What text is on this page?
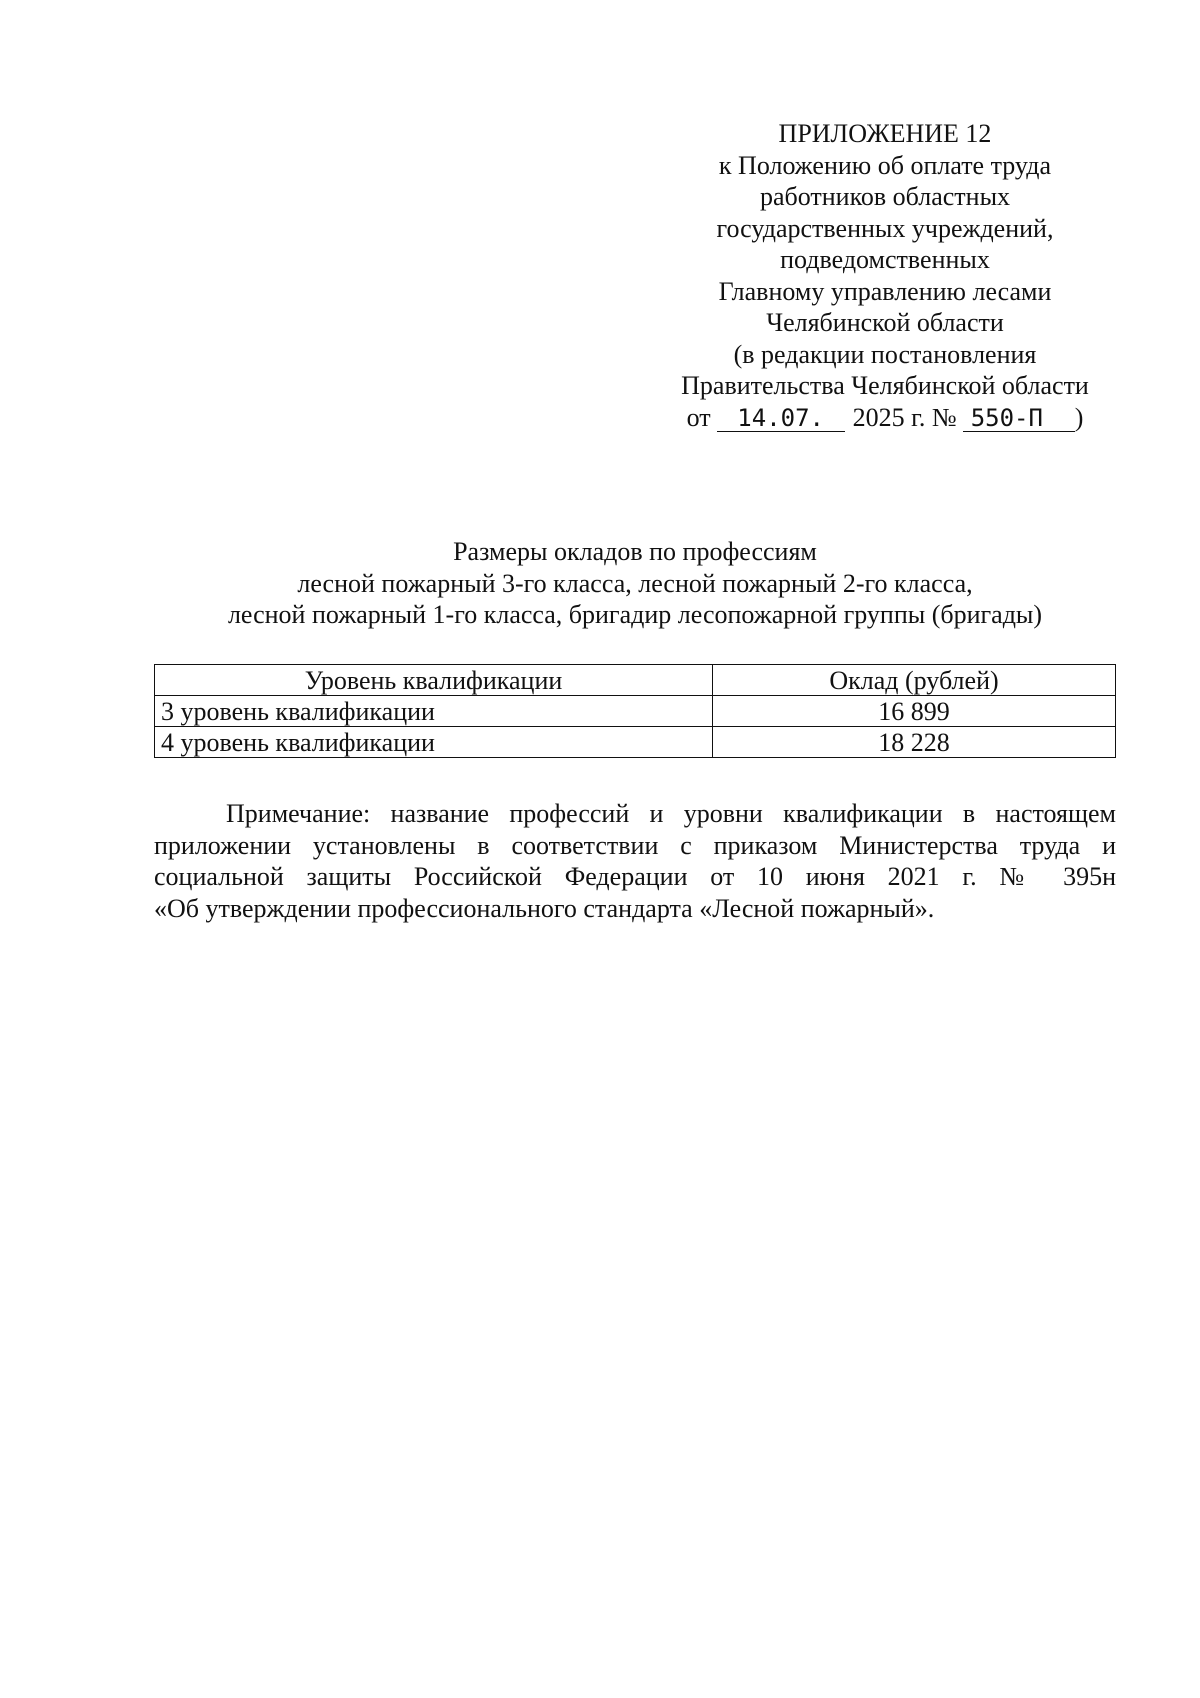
ПРИЛОЖЕНИЕ 12
к Положению об оплате труда
работников областных
государственных учреждений,
подведомственных
Главному управлению лесами
Челябинской области
(в редакции постановления
Правительства Челябинской области
от 14.07. 2025 г. № 550-П )
Размеры окладов по профессиям
лесной пожарный 3-го класса, лесной пожарный 2-го класса,
лесной пожарный 1-го класса, бригадир лесопожарной группы (бригады)
Уровень квалификации	Оклад (рублей)
3 уровень квалификации	16 899
4 уровень квалификации	18 228
Примечание: название профессий и уровни квалификации в настоящем
приложении установлены в соответствии с приказом Министерства труда и
социальной защиты Российской Федерации от 10 июня 2021 г. № 395н
«Об утверждении профессионального стандарта «Лесной пожарный».
